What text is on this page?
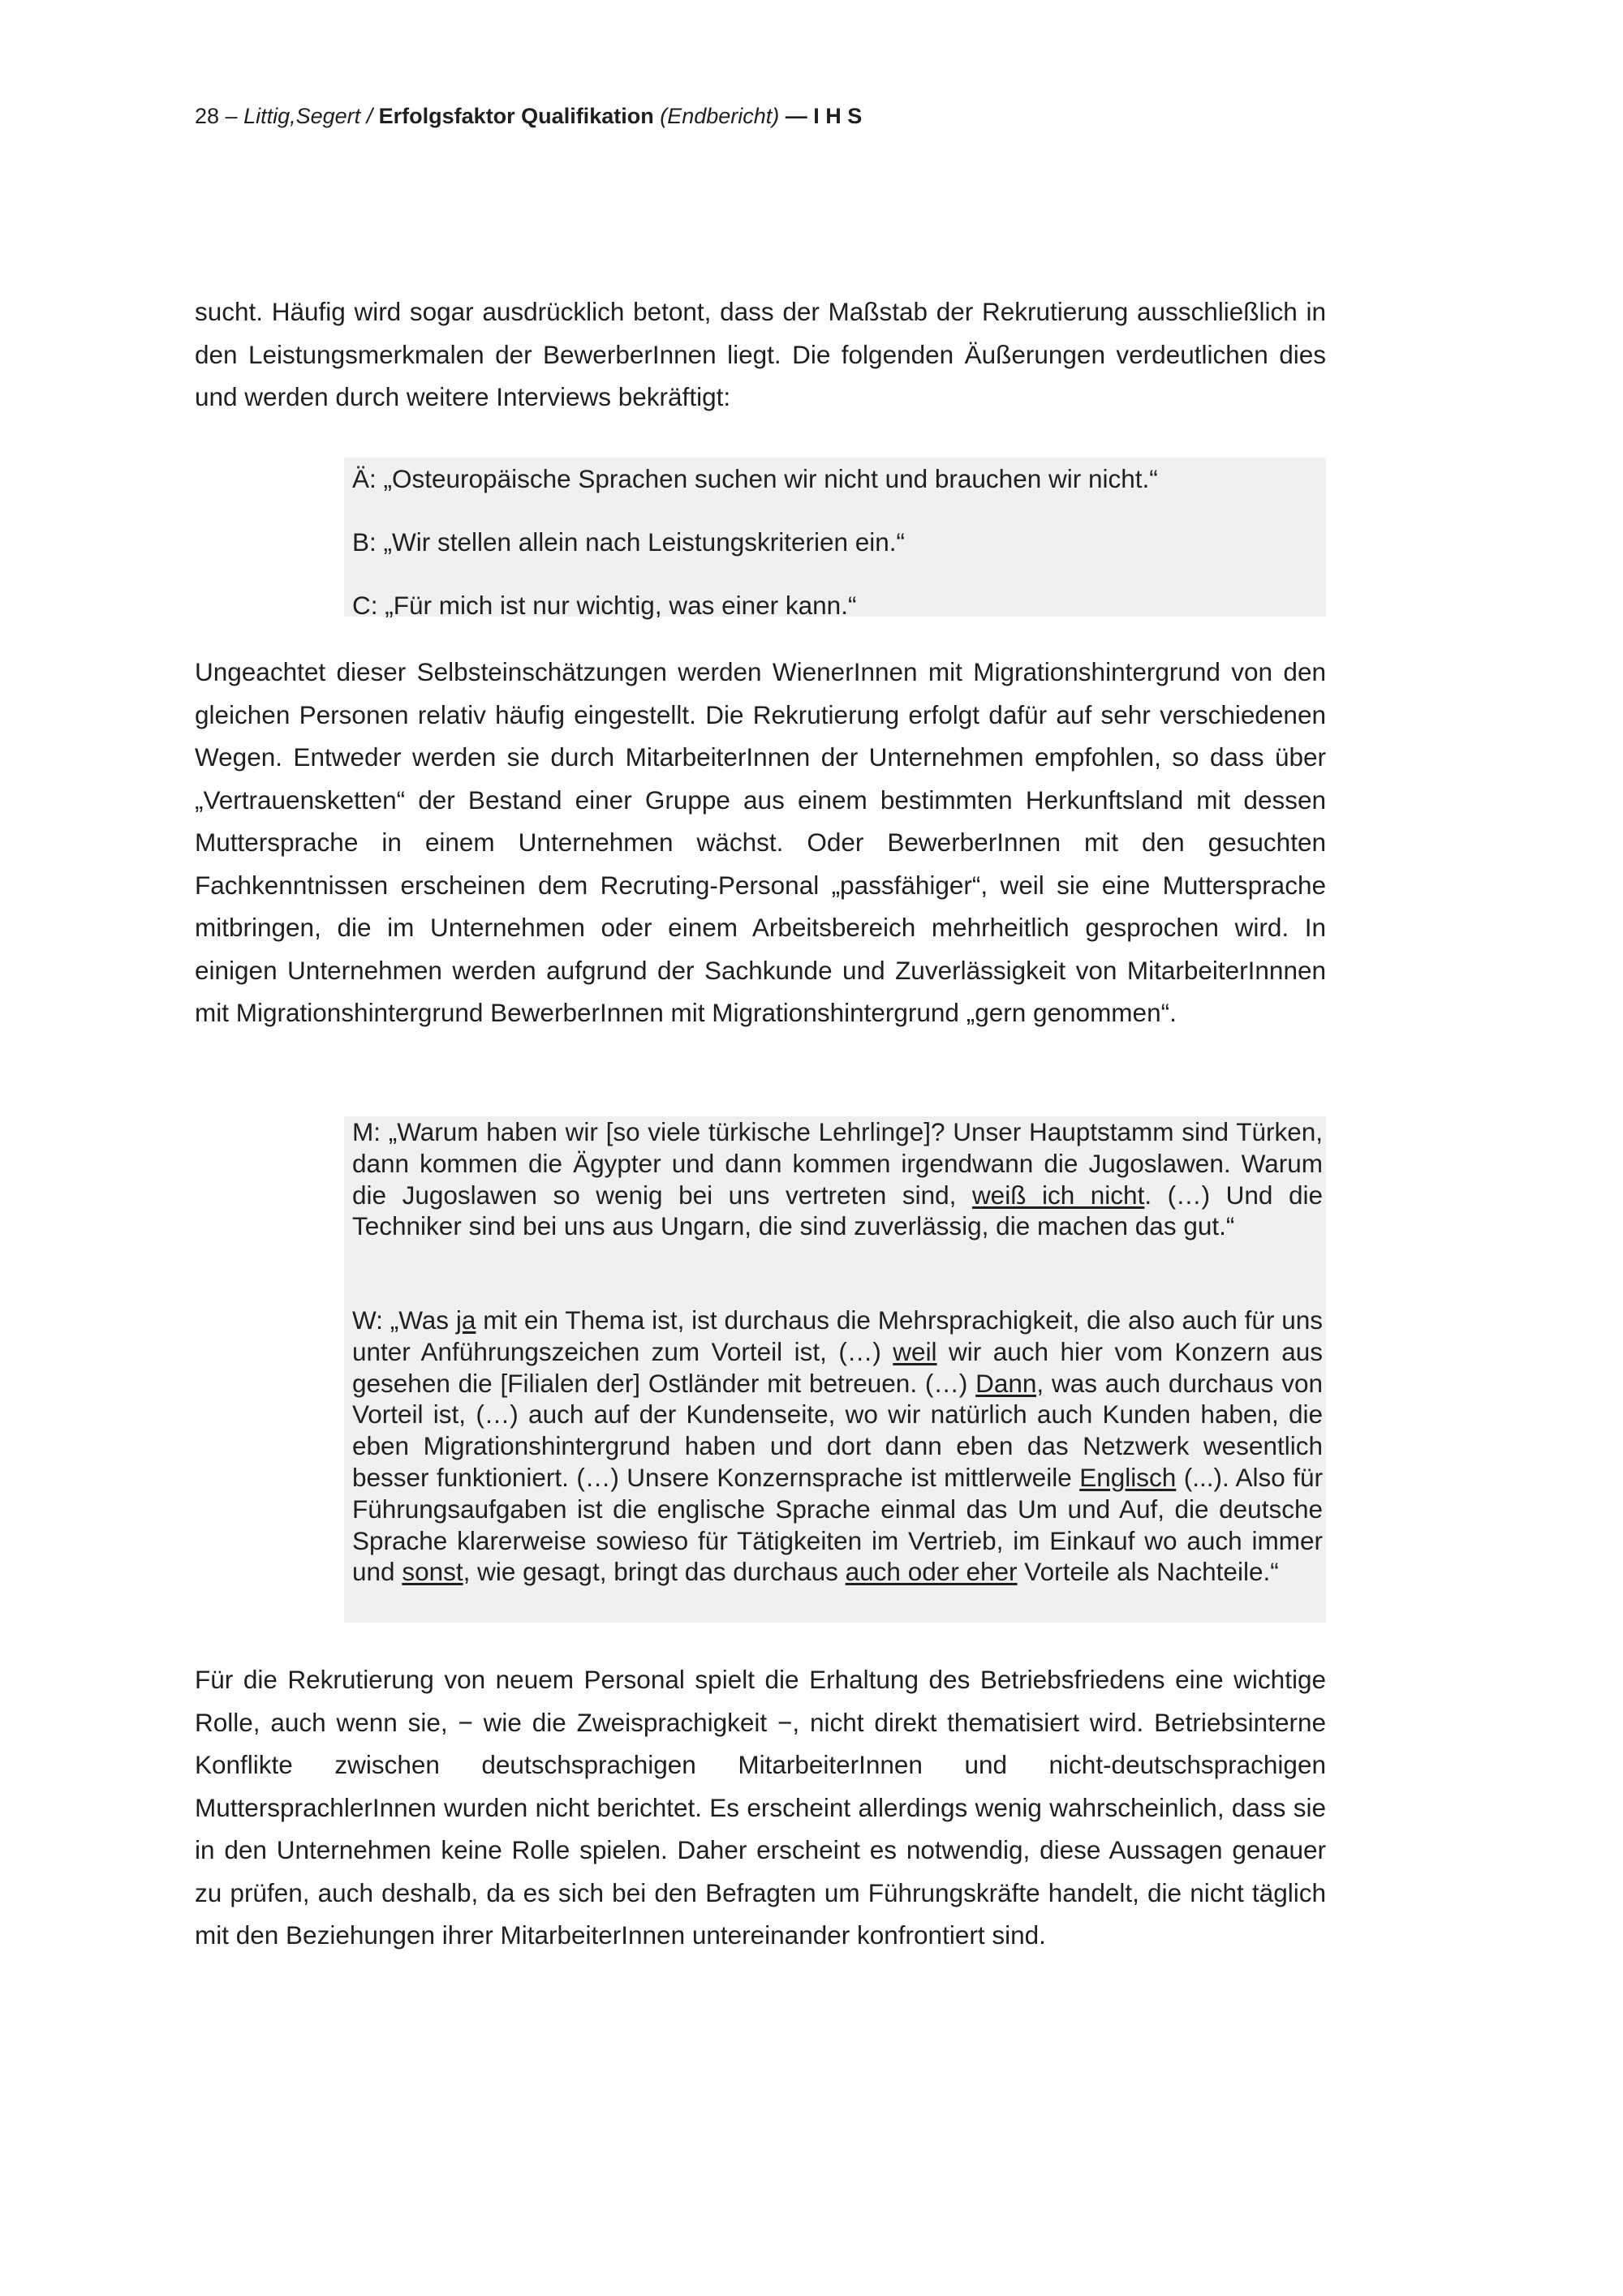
28 – Littig,Segert / Erfolgsfaktor Qualifikation (Endbericht) — I H S

sucht. Häufig wird sogar ausdrücklich betont, dass der Maßstab der Rekrutierung ausschließlich in den Leistungsmerkmalen der BewerberInnen liegt. Die folgenden Äußerungen verdeutlichen dies und werden durch weitere Interviews bekräftigt:

Ä: „Osteuropäische Sprachen suchen wir nicht und brauchen wir nicht.“

B: „Wir stellen allein nach Leistungskriterien ein.“

C: „Für mich ist nur wichtig, was einer kann.“

Ungeachtet dieser Selbsteinschätzungen werden WienerInnen mit Migrationshintergrund von den gleichen Personen relativ häufig eingestellt. Die Rekrutierung erfolgt dafür auf sehr verschiedenen Wegen. Entweder werden sie durch MitarbeiterInnen der Unternehmen empfohlen, so dass über „Vertrauensketten“ der Bestand einer Gruppe aus einem bestimmten Herkunftsland mit dessen Muttersprache in einem Unternehmen wächst. Oder BewerberInnen mit den gesuchten Fachkenntnissen erscheinen dem Recruting-Personal „passfähiger“, weil sie eine Muttersprache mitbringen, die im Unternehmen oder einem Arbeitsbereich mehrheitlich gesprochen wird. In einigen Unternehmen werden aufgrund der Sachkunde und Zuverlässigkeit von MitarbeiterInnnen mit Migrationshintergrund BewerberInnen mit Migrationshintergrund „gern genommen“.

M: „Warum haben wir [so viele türkische Lehrlinge]? Unser Hauptstamm sind Türken, dann kommen die Ägypter und dann kommen irgendwann die Jugoslawen. Warum die Jugoslawen so wenig bei uns vertreten sind, weiß ich nicht. (…) Und die Techniker sind bei uns aus Ungarn, die sind zuverlässig, die machen das gut.“

W: „Was ja mit ein Thema ist, ist durchaus die Mehrsprachigkeit, die also auch für uns unter Anführungszeichen zum Vorteil ist, (…) weil wir auch hier vom Konzern aus gesehen die [Filialen der] Ostländer mit betreuen. (…) Dann, was auch durchaus von Vorteil ist, (…) auch auf der Kundenseite, wo wir natürlich auch Kunden haben, die eben Migrationshintergrund haben und dort dann eben das Netzwerk wesentlich besser funktioniert. (…) Unsere Konzernsprache ist mittlerweile Englisch (...). Also für Führungsaufgaben ist die englische Sprache einmal das Um und Auf, die deutsche Sprache klarerweise sowieso für Tätigkeiten im Vertrieb, im Einkauf wo auch immer und sonst, wie gesagt, bringt das durchaus auch oder eher Vorteile als Nachteile.“

Für die Rekrutierung von neuem Personal spielt die Erhaltung des Betriebsfriedens eine wichtige Rolle, auch wenn sie, − wie die Zweisprachigkeit −, nicht direkt thematisiert wird. Betriebsinterne Konflikte zwischen deutschsprachigen MitarbeiterInnen und nicht-deutschsprachigen MuttersprachlerInnen wurden nicht berichtet. Es erscheint allerdings wenig wahrscheinlich, dass sie in den Unternehmen keine Rolle spielen. Daher erscheint es notwendig, diese Aussagen genauer zu prüfen, auch deshalb, da es sich bei den Befragten um Führungskräfte handelt, die nicht täglich mit den Beziehungen ihrer MitarbeiterInnen untereinander konfrontiert sind.
